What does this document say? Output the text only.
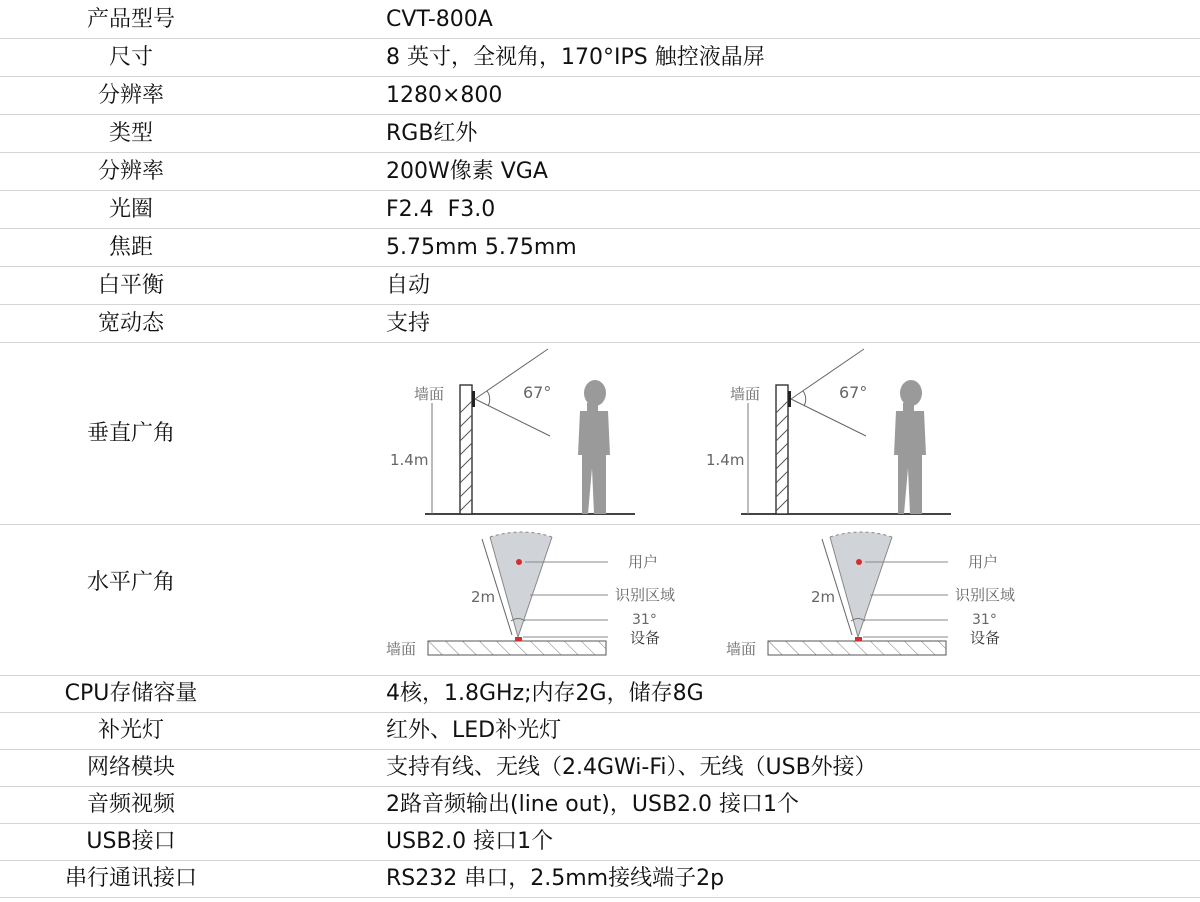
产品型号	CVT-800A
尺寸	8 英寸，全视角，170°IPS 触控液晶屏
分辨率	1280×800
类型	RGB红外
分辨率	200W像素 VGA
光圈	F2.4  F3.0
焦距	5.75mm 5.75mm
白平衡	自动
宽动态	支持
垂直广角
墙面	67°
1.4m
墙面	67°
1.4m
水平广角
用户
识别区域
31°
设备
2m
墙面
用户
识别区域
31°
设备
2m
墙面
CPU存储容量	4核，1.8GHz;内存2G，储存8G
补光灯	红外、LED补光灯
网络模块	支持有线、无线（2.4GWi-Fi）、无线（USB外接）
音频视频	2路音频输出(line out)，USB2.0 接口1个
USB接口	USB2.0 接口1个
串行通讯接口	RS232 串口，2.5mm接线端子2p
